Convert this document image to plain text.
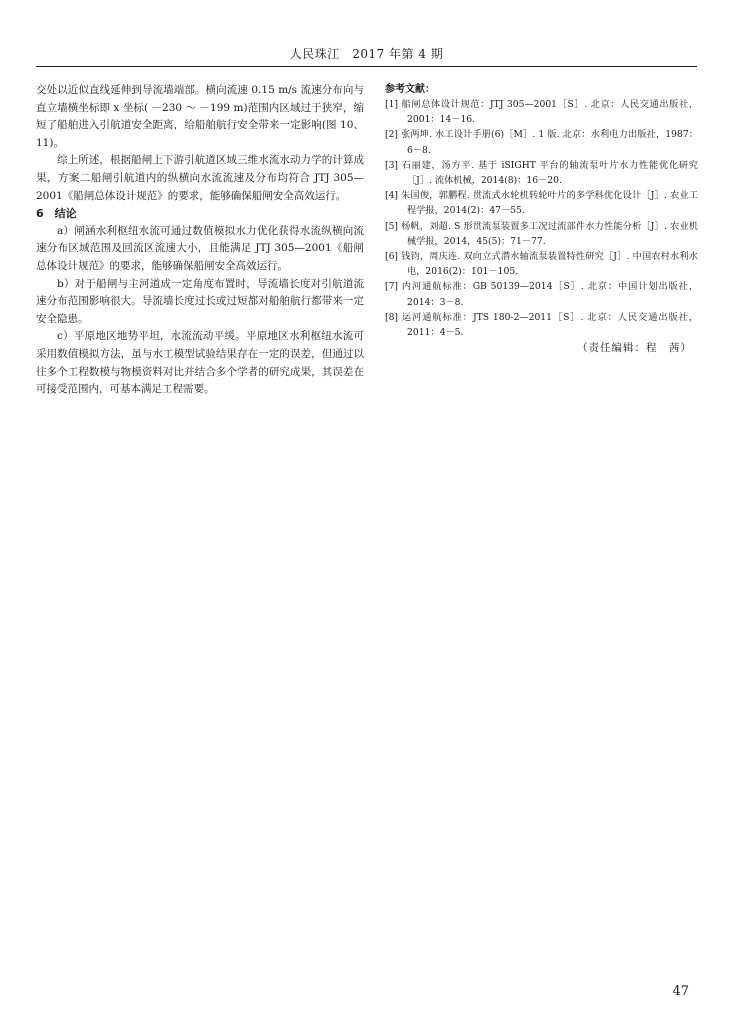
人民珠江　2017 年第 4 期

交处以近似直线延伸到导流墙端部。横向流速 0.15 m/s 流速分布向与直立墙横坐标即 x 坐标( －230 ～ －199 m)范围内区域过于狭窄，缩短了船舶进入引航道安全距离，给船舶航行安全带来一定影响(图 10、11)。

综上所述，根据船闸上下游引航道区域三维水流水动力学的计算成果，方案二船闸引航道内的纵横向水流流速及分布均符合 JTJ 305—2001《船闸总体设计规范》的要求，能够确保船闸安全高效运行。

6　结论

a）闸涵水利枢纽水流可通过数值模拟水力优化获得水流纵横向流速分布区域范围及回流区流速大小，且能满足 JTJ 305—2001《船闸总体设计规范》的要求，能够确保船闸安全高效运行。

b）对于船闸与主河道成一定角度布置时，导流墙长度对引航道流速分布范围影响很大。导流墙长度过长或过短都对船舶航行都带来一定安全隐患。

c）平原地区地势平坦，水流流动平缓。平原地区水利枢纽水流可采用数值模拟方法，虽与水工模型试验结果存在一定的误差，但通过以往多个工程数模与物模资料对比并结合多个学者的研究成果，其误差在可接受范围内，可基本满足工程需要。

参考文献：

[1] 船闸总体设计规范：JTJ 305—2001［S］. 北京：人民交通出版社，2001：14－16.

[2] 张两坤. 水工设计手册(6)［M］. 1 版. 北京：水利电力出版社，1987：6－8.

[3] 石丽建，汤方平. 基于 iSIGHT 平台的轴流泵叶片水力性能优化研究［J］. 流体机械，2014(8)：16－20.

[4] 朱国俊，郭鹏程. 贯流式水轮机转轮叶片的多学科优化设计［J］. 农业工程学报，2014(2)：47－55.

[5] 杨帆，刘超. S 形贯流泵装置多工况过流部件水力性能分析［J］. 农业机械学报，2014，45(5)：71－77.

[6] 钱钧，周庆连. 双向立式潜水轴流泵装置特性研究［J］. 中国农村水利水电，2016(2)：101－105.

[7] 内河通航标准：GB 50139—2014［S］. 北京：中国计划出版社，2014：3－8.

[8] 运河通航标准：JTS 180-2—2011［S］. 北京：人民交通出版社，2011：4－5.

（责任编辑：程　茜）

47
